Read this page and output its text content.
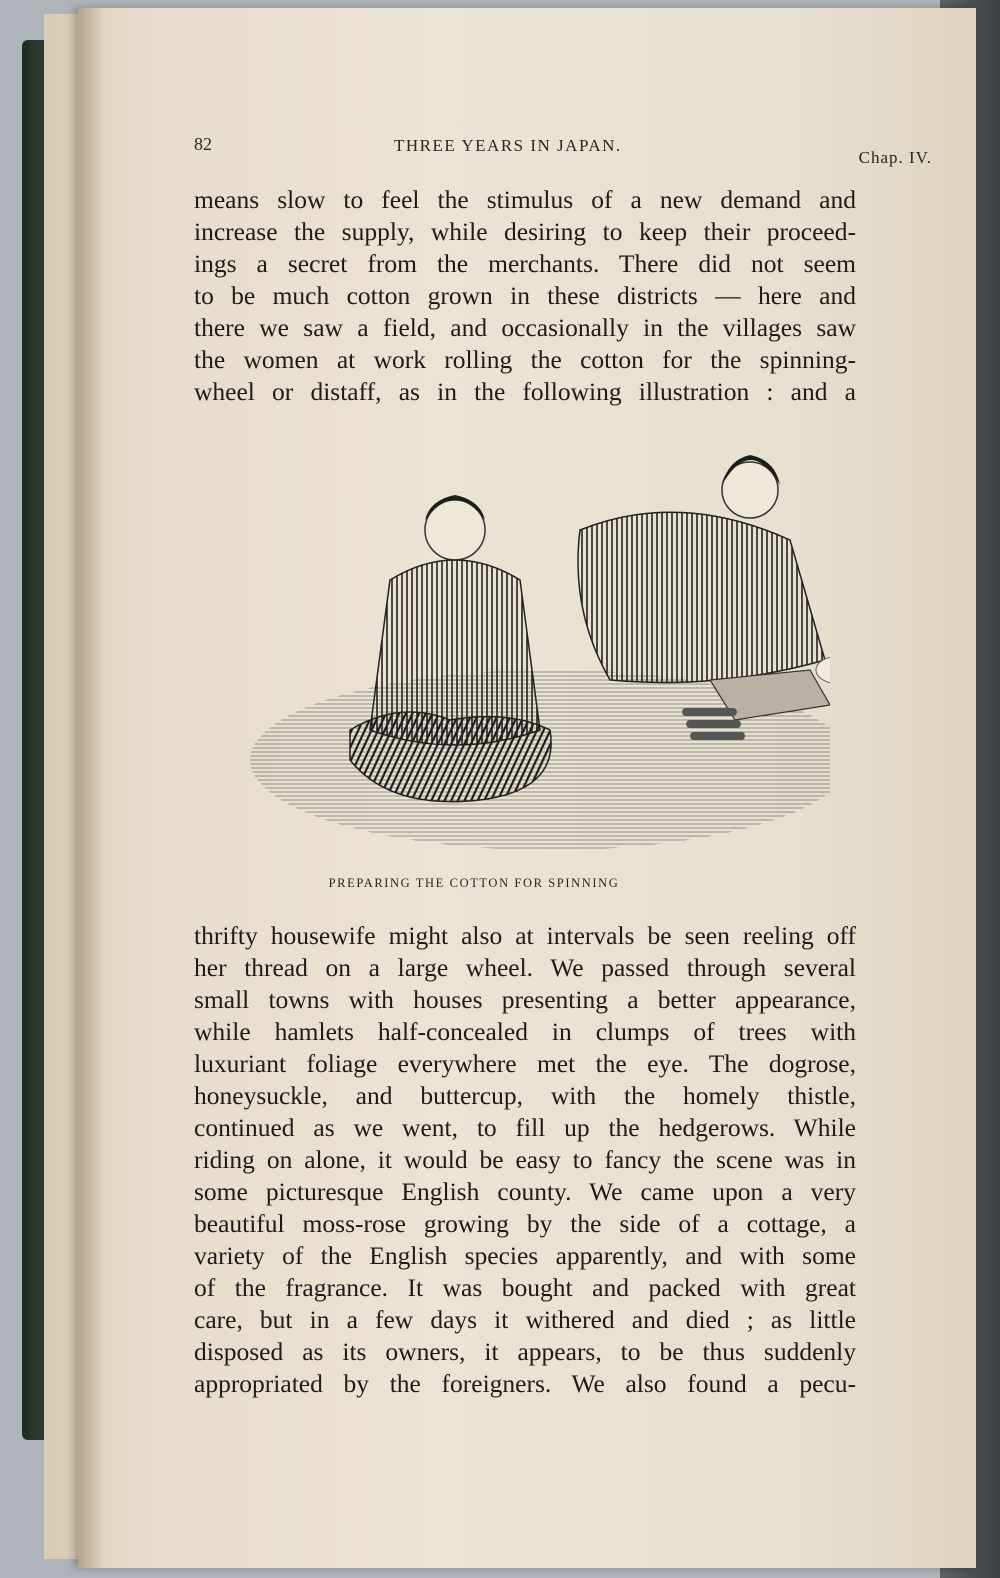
82	THREE YEARS IN JAPAN.
Chap. IV.
means slow to feel the stimulus of a new demand and
increase the supply, while desiring to keep their proceed-
ings a secret from the merchants. There did not seem
to be much cotton grown in these districts — here and
there we saw a field, and occasionally in the villages saw
the women at work rolling the cotton for the spinning-
wheel or distaff, as in the following illustration : and a
PREPARING THE COTTON FOR SPINNING
thrifty housewife might also at intervals be seen reeling off
her thread on a large wheel. We passed through several
small towns with houses presenting a better appearance,
while hamlets half-concealed in clumps of trees with
luxuriant foliage everywhere met the eye. The dogrose,
honeysuckle, and buttercup, with the homely thistle,
continued as we went, to fill up the hedgerows. While
riding on alone, it would be easy to fancy the scene was in
some picturesque English county. We came upon a very
beautiful moss-rose growing by the side of a cottage, a
variety of the English species apparently, and with some
of the fragrance. It was bought and packed with great
care, but in a few days it withered and died ; as little
disposed as its owners, it appears, to be thus suddenly
appropriated by the foreigners. We also found a pecu-
